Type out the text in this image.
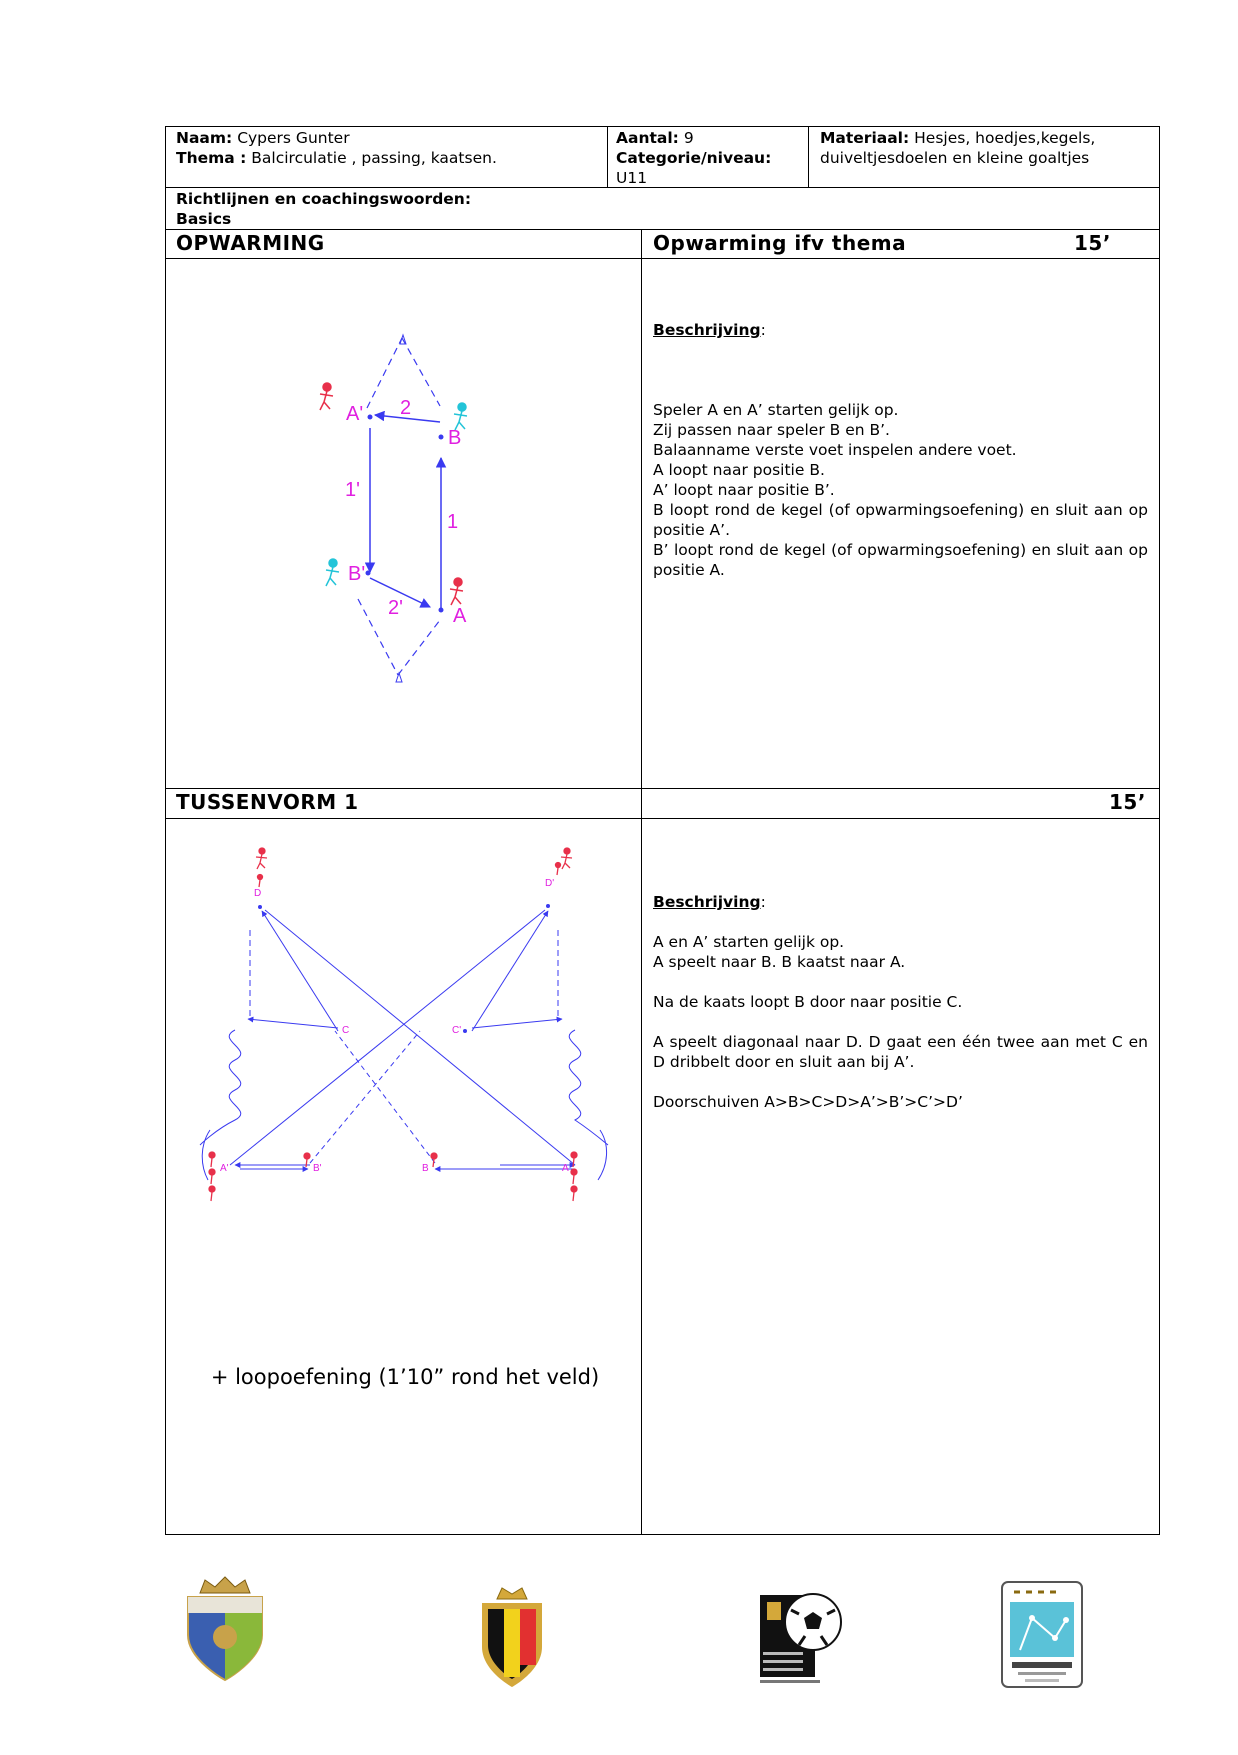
Naam: Cypers Gunter
Thema : Balcirculatie , passing, kaatsen.
Aantal: 9
Categorie/niveau:
U11
Materiaal: Hesjes, hoedjes,kegels,
duiveltjesdoelen en kleine goaltjes
Richtlijnen en coachingswoorden:
Basics
OPWARMING	Opwarming ifv thema	15’
A'
B
B'
A
2
1'
1
2'

Beschrijving:

Speler A en A’ starten gelijk op.

Zij passen naar speler B en B’.

Balaanname verste voet inspelen andere voet.

A loopt naar positie B.

A’ loopt naar positie B’.

B loopt rond de kegel (of opwarmingsoefening) en sluit aan op positie A’.

B’ loopt rond de kegel (of opwarmingsoefening) en sluit aan op positie A.

TUSSENVORM 1	15’
D
D'
C	C'
A'	B'	B	A
+ loopoefening (1’10” rond het veld)

Beschrijving:

A en A’ starten gelijk op.

A speelt naar B. B kaatst naar A.

Na de kaats loopt B door naar positie C.

A speelt diagonaal naar D. D gaat een één twee aan met C en D dribbelt door en sluit aan bij A’.

Doorschuiven A>B>C>D>A’>B’>C’>D’
